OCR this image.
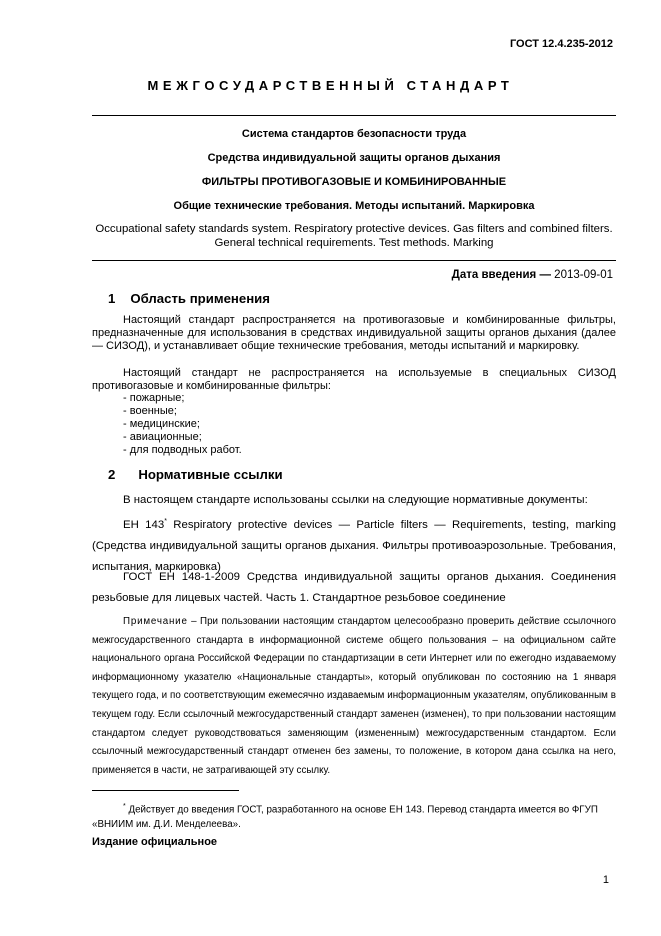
ГОСТ 12.4.235-2012
МЕЖГОСУДАРСТВЕННЫЙ СТАНДАРТ
Система стандартов безопасности труда
Средства индивидуальной защиты органов дыхания
ФИЛЬТРЫ ПРОТИВОГАЗОВЫЕ И КОМБИНИРОВАННЫЕ
Общие технические требования. Методы испытаний. Маркировка
Occupational safety standards system. Respiratory protective devices. Gas filters and combined filters.
General technical requirements. Test methods. Marking
Дата введения — 2013-09-01
1 Область применения
Настоящий стандарт распространяется на противогазовые и комбинированные фильтры, предназначенные для использования в средствах индивидуальной защиты органов дыхания (далее — СИЗОД), и устанавливает общие технические требования, методы испытаний и маркировку.
Настоящий стандарт не распространяется на используемые в специальных СИЗОД противогазовые и комбинированные фильтры:
- пожарные;
- военные;
- медицинские;
- авиационные;
- для подводных работ.
2 Нормативные ссылки
В настоящем стандарте использованы ссылки на следующие нормативные документы:
ЕН 143* Respiratory protective devices — Particle filters — Requirements, testing, marking (Средства индивидуальной защиты органов дыхания. Фильтры противоаэрозольные. Требования, испытания, маркировка)
ГОСТ ЕН 148-1-2009 Средства индивидуальной защиты органов дыхания. Соединения резьбовые для лицевых частей. Часть 1. Стандартное резьбовое соединение
Примечание – При пользовании настоящим стандартом целесообразно проверить действие ссылочного межгосударственного стандарта в информационной системе общего пользования – на официальном сайте национального органа Российской Федерации по стандартизации в сети Интернет или по ежегодно издаваемому информационному указателю «Национальные стандарты», который опубликован по состоянию на 1 января текущего года, и по соответствующим ежемесячно издаваемым информационным указателям, опубликованным в текущем году. Если ссылочный межгосударственный стандарт заменен (изменен), то при пользовании настоящим стандартом следует руководствоваться заменяющим (измененным) межгосударственным стандартом. Если ссылочный межгосударственный стандарт отменен без замены, то положение, в котором дана ссылка на него, применяется в части, не затрагивающей эту ссылку.
* Действует до введения ГОСТ, разработанного на основе ЕН 143. Перевод стандарта имеется во ФГУП «ВНИИМ им. Д.И. Менделеева».
Издание официальное
1
